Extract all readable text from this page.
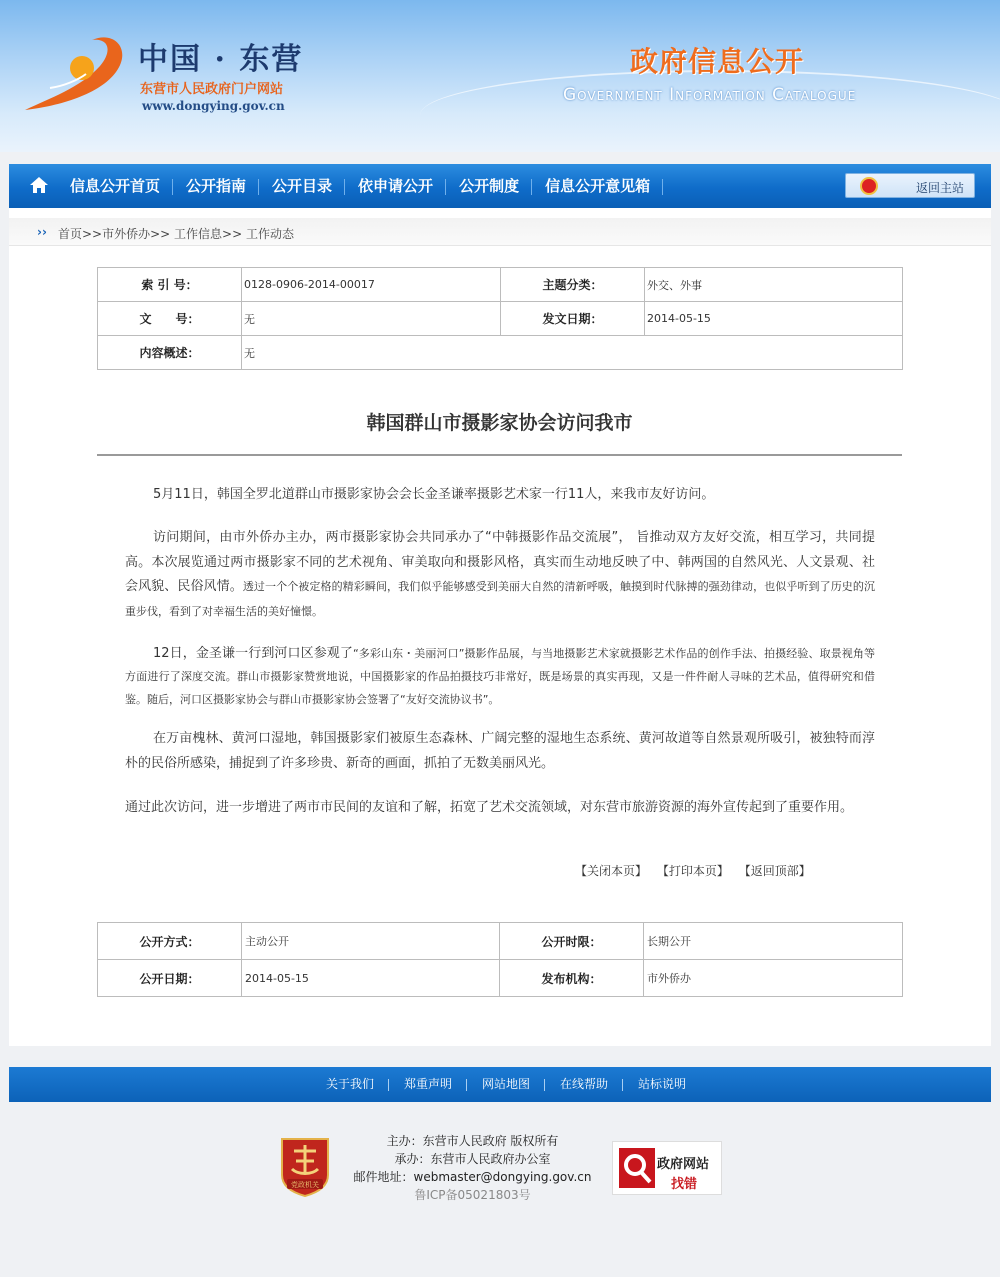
中国 · 东营
东营市人民政府门户网站
www.dongying.gov.cn
政府信息公开
Government Information Catalogue
信息公开首页	公开指南	公开目录	依申请公开	公开制度	信息公开意见箱	返回主站
›› 首页>>市外侨办>> 工作信息>> 工作动态
索 引 号：	0128-0906-2014-00017	主题分类：	外交、外事
文　　号：	无	发文日期：	2014-05-15
内容概述：	无		
韩国群山市摄影家协会访问我市
5月11日，韩国全罗北道群山市摄影家协会会长金圣谦率摄影艺术家一行11人，来我市友好访问。
访问期间，由市外侨办主办，两市摄影家协会共同承办了“中韩摄影作品交流展”， 旨推动双方友好交流，相互学习，共同提高。本次展览通过两市摄影家不同的艺术视角、审美取向和摄影风格，真实而生动地反映了中、韩两国的自然风光、人文景观、社会风貌、民俗风情。透过一个个被定格的精彩瞬间，我们似乎能够感受到美丽大自然的清新呼吸，触摸到时代脉搏的强劲律动，也似乎听到了历史的沉重步伐，看到了对幸福生活的美好憧憬。
12日，金圣谦一行到河口区参观了“多彩山东・美丽河口”摄影作品展，与当地摄影艺术家就摄影艺术作品的创作手法、拍摄经验、取景视角等方面进行了深度交流。群山市摄影家赞赏地说，中国摄影家的作品拍摄技巧非常好，既是场景的真实再现，又是一件件耐人寻味的艺术品，值得研究和借鉴。随后，河口区摄影家协会与群山市摄影家协会签署了“友好交流协议书”。
在万亩槐林、黄河口湿地，韩国摄影家们被原生态森林、广阔完整的湿地生态系统、黄河故道等自然景观所吸引，被独特而淳朴的民俗所感染，捕捉到了许多珍贵、新奇的画面，抓拍了无数美丽风光。
通过此次访问，进一步增进了两市市民间的友谊和了解，拓宽了艺术交流领域，对东营市旅游资源的海外宣传起到了重要作用。
【关闭本页】 【打印本页】 【返回顶部】
公开方式：	主动公开	公开时限：	长期公开
公开日期：	2014-05-15	发布机构：	市外侨办
关于我们	郑重声明	网站地图	在线帮助	站标说明
党政机关
主办：东营市人民政府 版权所有
承办：东营市人民政府办公室
邮件地址：webmaster@dongying.gov.cn
鲁ICP备05021803号
政府网站
找错
